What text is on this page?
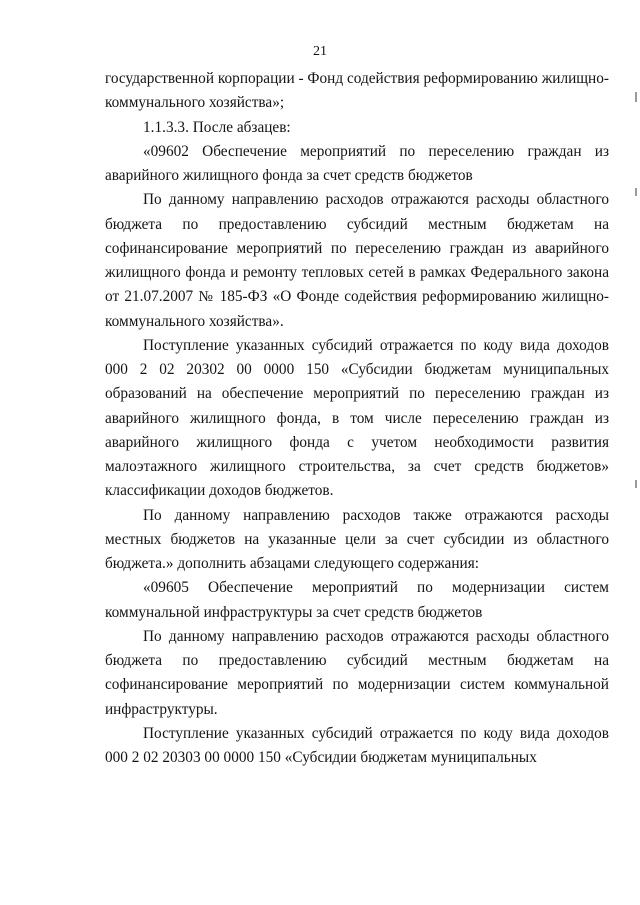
21

государственной корпорации - Фонд содействия реформированию жилищно-коммунального хозяйства»;

1.1.3.3. После абзацев:

«09602 Обеспечение мероприятий по переселению граждан из аварийного жилищного фонда за счет средств бюджетов

По данному направлению расходов отражаются расходы областного бюджета по предоставлению субсидий местным бюджетам на софинансирование мероприятий по переселению граждан из аварийного жилищного фонда и ремонту тепловых сетей в рамках Федерального закона от 21.07.2007 № 185-ФЗ «О Фонде содействия реформированию жилищно-коммунального хозяйства».

Поступление указанных субсидий отражается по коду вида доходов 000 2 02 20302 00 0000 150 «Субсидии бюджетам муниципальных образований на обеспечение мероприятий по переселению граждан из аварийного жилищного фонда, в том числе переселению граждан из аварийного жилищного фонда с учетом необходимости развития малоэтажного жилищного строительства, за счет средств бюджетов» классификации доходов бюджетов.

По данному направлению расходов также отражаются расходы местных бюджетов на указанные цели за счет субсидии из областного бюджета.» дополнить абзацами следующего содержания:

«09605 Обеспечение мероприятий по модернизации систем коммунальной инфраструктуры за счет средств бюджетов

По данному направлению расходов отражаются расходы областного бюджета по предоставлению субсидий местным бюджетам на софинансирование мероприятий по модернизации систем коммунальной инфраструктуры.

Поступление указанных субсидий отражается по коду вида доходов 000 2 02 20303 00 0000 150 «Субсидии бюджетам муниципальных
